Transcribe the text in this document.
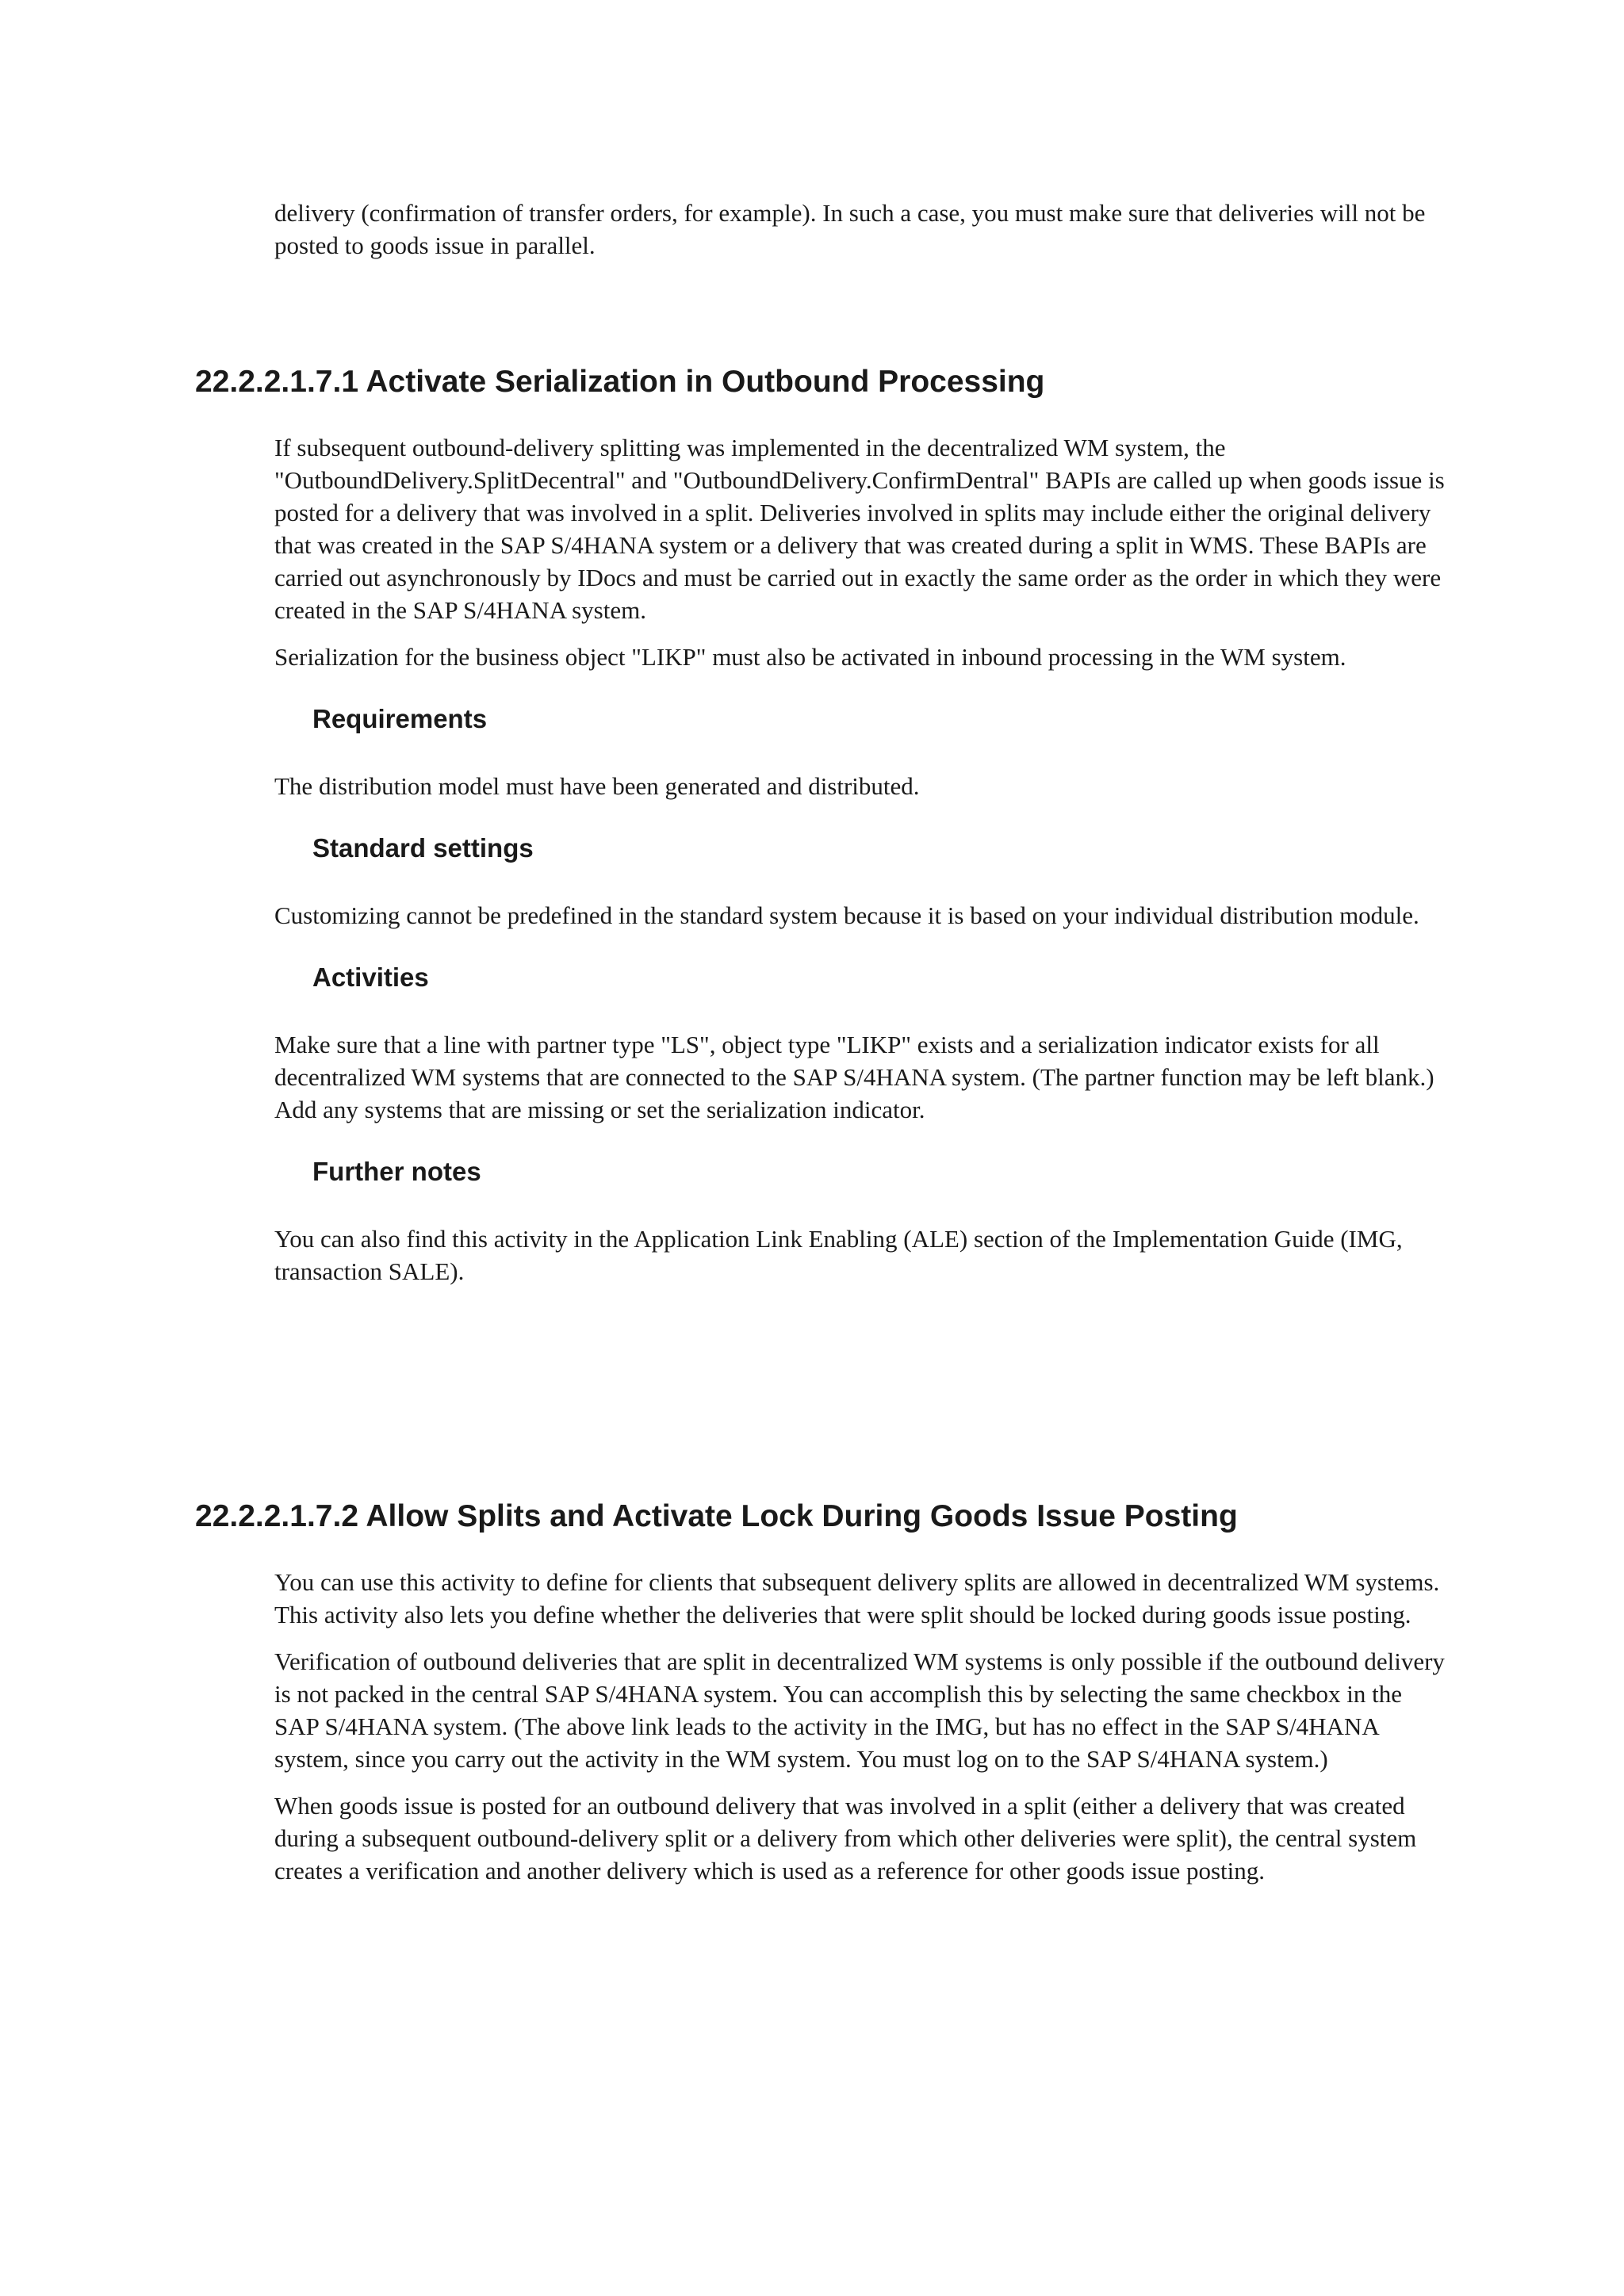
delivery (confirmation of transfer orders, for example). In such a case, you must make sure that deliveries will not be posted to goods issue in parallel.

22.2.2.1.7.1 Activate Serialization in Outbound Processing

If subsequent outbound-delivery splitting was implemented in the decentralized WM system, the "OutboundDelivery.SplitDecentral" and "OutboundDelivery.ConfirmDentral" BAPIs are called up when goods issue is posted for a delivery that was involved in a split. Deliveries involved in splits may include either the original delivery that was created in the SAP S/4HANA system or a delivery that was created during a split in WMS. These BAPIs are carried out asynchronously by IDocs and must be carried out in exactly the same order as the order in which they were created in the SAP S/4HANA system.

Serialization for the business object "LIKP" must also be activated in inbound processing in the WM system.

Requirements

The distribution model must have been generated and distributed.

Standard settings

Customizing cannot be predefined in the standard system because it is based on your individual distribution module.

Activities

Make sure that a line with partner type "LS", object type "LIKP" exists and a serialization indicator exists for all decentralized WM systems that are connected to the SAP S/4HANA system. (The partner function may be left blank.) Add any systems that are missing or set the serialization indicator.

Further notes

You can also find this activity in the Application Link Enabling (ALE) section of the Implementation Guide (IMG, transaction SALE).

22.2.2.1.7.2 Allow Splits and Activate Lock During Goods Issue Posting

You can use this activity to define for clients that subsequent delivery splits are allowed in decentralized WM systems. This activity also lets you define whether the deliveries that were split should be locked during goods issue posting.

Verification of outbound deliveries that are split in decentralized WM systems is only possible if the outbound delivery is not packed in the central SAP S/4HANA system. You can accomplish this by selecting the same checkbox in the SAP S/4HANA system. (The above link leads to the activity in the IMG, but has no effect in the SAP S/4HANA system, since you carry out the activity in the WM system. You must log on to the SAP S/4HANA system.)

When goods issue is posted for an outbound delivery that was involved in a split (either a delivery that was created during a subsequent outbound-delivery split or a delivery from which other deliveries were split), the central system creates a verification and another delivery which is used as a reference for other goods issue posting.
